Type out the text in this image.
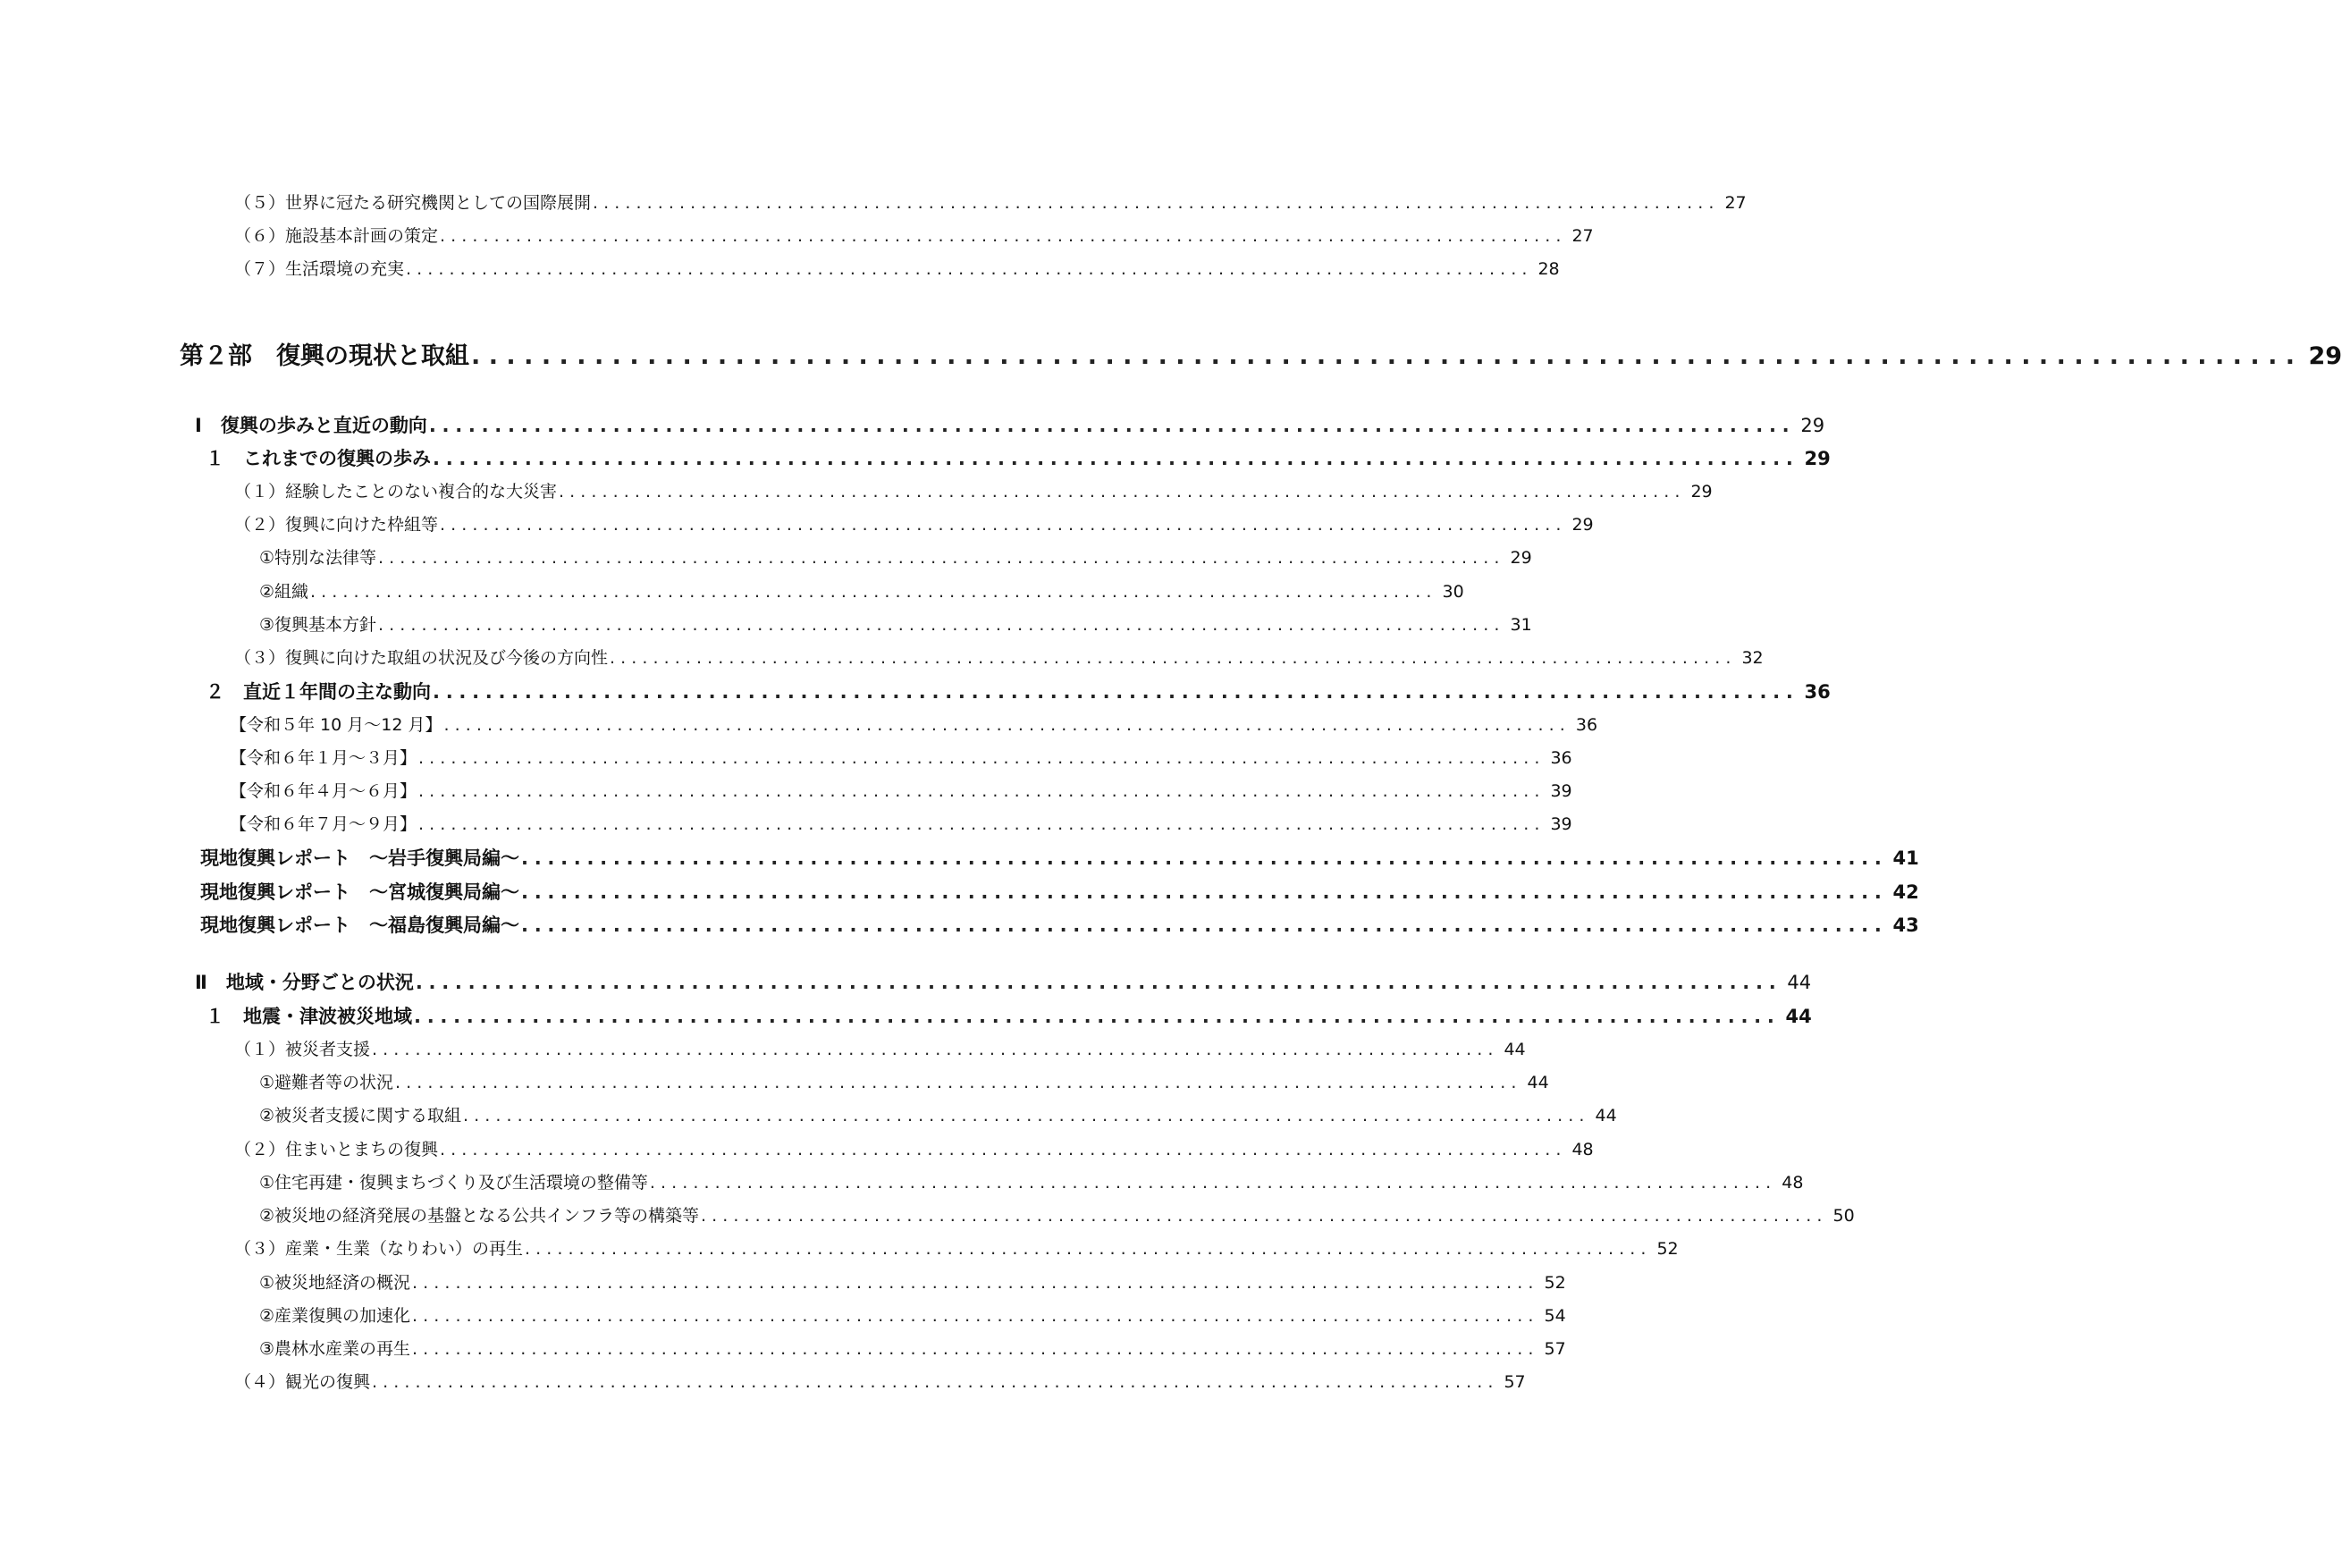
（５）世界に冠たる研究機関としての国際展開 ........................................................................................................ 27
（６）施設基本計画の策定 ........................................................................................................ 27
（７）生活環境の充実 ........................................................................................................ 28
第２部　復興の現状と取組 ........................................................................................................ 29
Ⅰ　復興の歩みと直近の動向 ........................................................................................................ 29
１　これまでの復興の歩み ........................................................................................................ 29
（１）経験したことのない複合的な大災害 ........................................................................................................ 29
（２）復興に向けた枠組等 ........................................................................................................ 29
①特別な法律等 ........................................................................................................ 29
②組織 ........................................................................................................ 30
③復興基本方針 ........................................................................................................ 31
（３）復興に向けた取組の状況及び今後の方向性 ........................................................................................................ 32
２　直近１年間の主な動向 ........................................................................................................ 36
【令和５年 10 月～12 月】 ........................................................................................................ 36
【令和６年１月～３月】 ........................................................................................................ 36
【令和６年４月～６月】 ........................................................................................................ 39
【令和６年７月～９月】 ........................................................................................................ 39
現地復興レポート　～岩手復興局編～ ........................................................................................................ 41
現地復興レポート　～宮城復興局編～ ........................................................................................................ 42
現地復興レポート　～福島復興局編～ ........................................................................................................ 43
Ⅱ　地域・分野ごとの状況 ........................................................................................................ 44
１　地震・津波被災地域 ........................................................................................................ 44
（１）被災者支援 ........................................................................................................ 44
①避難者等の状況 ........................................................................................................ 44
②被災者支援に関する取組 ........................................................................................................ 44
（２）住まいとまちの復興 ........................................................................................................ 48
①住宅再建・復興まちづくり及び生活環境の整備等 ........................................................................................................ 48
②被災地の経済発展の基盤となる公共インフラ等の構築等 ........................................................................................................ 50
（３）産業・生業（なりわい）の再生 ........................................................................................................ 52
①被災地経済の概況 ........................................................................................................ 52
②産業復興の加速化 ........................................................................................................ 54
③農林水産業の再生 ........................................................................................................ 57
（４）観光の復興 ........................................................................................................ 57
